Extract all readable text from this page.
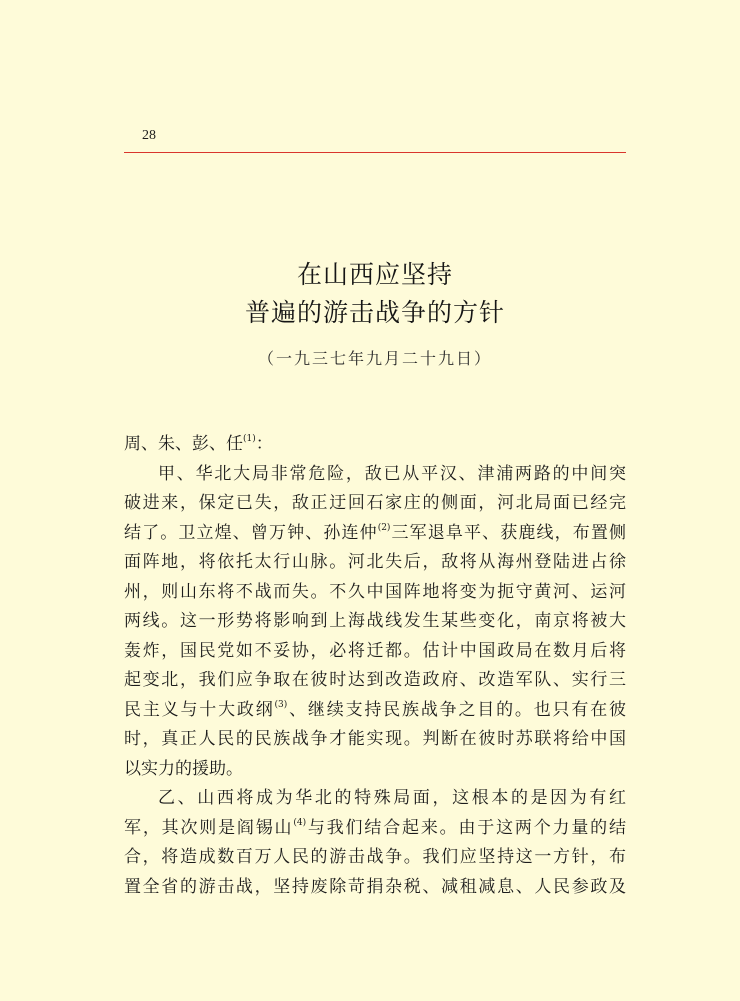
28
在山西应坚持
普遍的游击战争的方针
（一九三七年九月二十九日）
周、朱、彭、任$^{(1)}$：
甲、华北大局非常危险，敌已从平汉、津浦两路的中间突
破进来，保定已失，敌正迂回石家庄的侧面，河北局面已经完
结了。卫立煌、曾万钟、孙连仲$^{(2)}$三军退阜平、获鹿线，布置侧
面阵地，将依托太行山脉。河北失后，敌将从海州登陆进占徐
州，则山东将不战而失。不久中国阵地将变为扼守黄河、运河
两线。这一形势将影响到上海战线发生某些变化，南京将被大
轰炸，国民党如不妥协，必将迁都。估计中国政局在数月后将
起变北，我们应争取在彼时达到改造政府、改造军队、实行三
民主义与十大政纲$^{(3)}$、继续支持民族战争之目的。也只有在彼
时，真正人民的民族战争才能实现。判断在彼时苏联将给中国
以实力的援助。
乙、山西将成为华北的特殊局面，这根本的是因为有红
军，其次则是阎锡山$^{(4)}$与我们结合起来。由于这两个力量的结
合，将造成数百万人民的游击战争。我们应坚持这一方针，布
置全省的游击战，坚持废除苛捐杂税、减租减息、人民参政及
